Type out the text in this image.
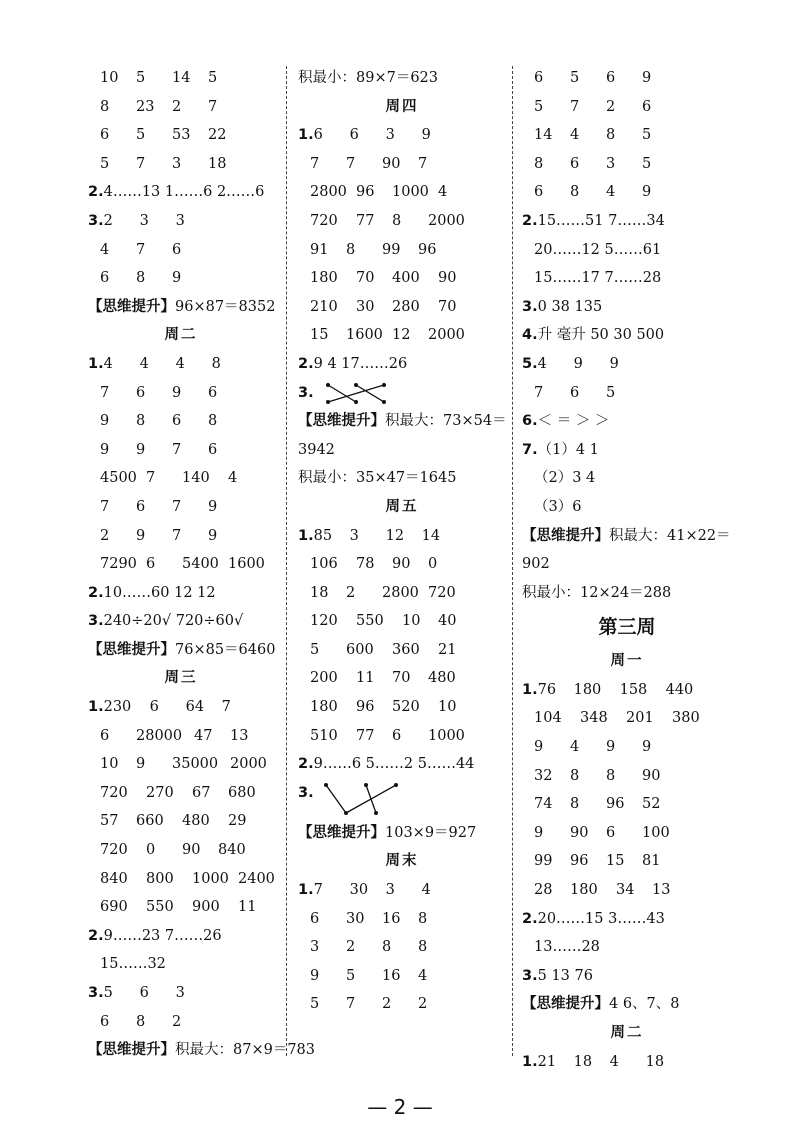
10 5 14 5
8 23 2 7
6 5 53 22
5 7 3 18
2.4……13 1……6 2……6
3.2 3 3
4 7 6
6 8 9
【思维提升】96×87＝8352
周二
1.4 4 4 8
7 6 9 6
9 8 6 8
9 9 7 6
4500 7 140 4
7 6 7 9
2 9 7 9
7290 6 5400 1600
2.10……60 12 12
3.240÷20√ 720÷60√
【思维提升】76×85＝6460
周三
1.230 6 64 7
6 28000 47 13
10 9 35000 2000
720 270 67 680
57 660 480 29
720 0 90 840
840 800 1000 2400
690 550 900 11
2.9……23 7……26
15……32
3.5 6 3
6 8 2
【思维提升】积最大：87×9＝783
积最小：89×7＝623
周四
1.6 6 3 9
7 7 90 7
2800 96 1000 4
720 77 8 2000
91 8 99 96
180 70 400 90
210 30 280 70
15 1600 12 2000
2.9 4 17……26
3.
【思维提升】积最大：73×54＝
3942
积最小：35×47＝1645
周五
1.85 3 12 14
106 78 90 0
18 2 2800 720
120 550 10 40
5 600 360 21
200 11 70 480
180 96 520 10
510 77 6 1000
2.9……6 5……2 5……44
3.
【思维提升】103×9＝927
周末
1.7 30 3 4
6 30 16 8
3 2 8 8
9 5 16 4
5 7 2 2
6 5 6 9
5 7 2 6
14 4 8 5
8 6 3 5
6 8 4 9
2.15……51 7……34
20……12 5……61
15……17 7……28
3.0 38 135
4.升 毫升 50 30 500
5.4 9 9
7 6 5
6.＜ ＝ ＞ ＞
7.（1）4 1
（2）3 4
（3）6
【思维提升】积最大：41×22＝
902
积最小：12×24＝288
第三周
周一
1.76 180 158 440
104 348 201 380
9 4 9 9
32 8 8 90
74 8 96 52
9 90 6 100
99 96 15 81
28 180 34 13
2.20……15 3……43
13……28
3.5 13 76
【思维提升】4 6、7、8
周二
1.21 18 4 18
— 2 —
